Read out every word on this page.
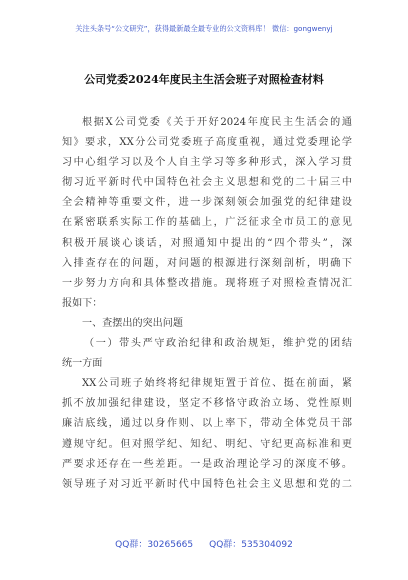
关注头条号“公文研究”，获得最新最全最专业的公文资料库！ 微信：gongwenyj
公司党委2024年度民主生活会班子对照检查材料
根据X公司党委《关于开好2024年度民主生活会的通
知》要求，XX分公司党委班子高度重视，通过党委理论学
习中心组学习以及个人自主学习等多种形式，深入学习贯
彻习近平新时代中国特色社会主义思想和党的二十届三中
全会精神等重要文件，进一步深刻领会加强党的纪律建设
在紧密联系实际工作的基础上，广泛征求全市员工的意见
积极开展谈心谈话，对照通知中提出的“四个带头”，深
入排查存在的问题，对问题的根源进行深刻剖析，明确下
一步努力方向和具体整改措施。现将班子对照检查情况汇
报如下：
一、查摆出的突出问题
（一）带头严守政治纪律和政治规矩，维护党的团结
统一方面
XX公司班子始终将纪律规矩置于首位、挺在前面，紧
抓不放加强纪律建设，坚定不移恪守政治立场、党性原则
廉洁底线，通过以身作则、以上率下，带动全体党员干部
遵规守纪。但对照学纪、知纪、明纪、守纪更高标准和更
严要求还存在一些差距。一是政治理论学习的深度不够。
领导班子对习近平新时代中国特色社会主义思想和党的二
QQ群：30265665 QQ群：535304092
